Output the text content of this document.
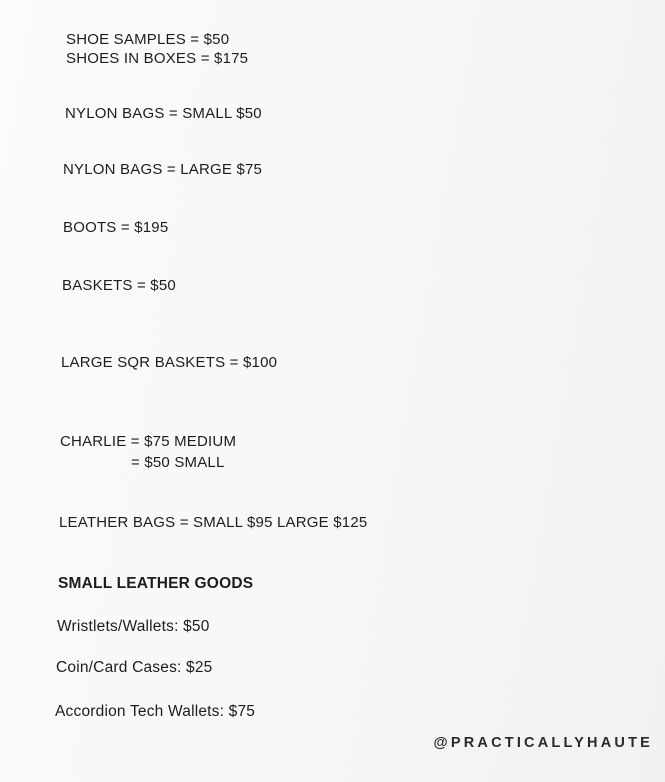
SHOE SAMPLES = $50
SHOES IN BOXES = $175
NYLON BAGS = SMALL $50
NYLON BAGS = LARGE $75
BOOTS = $195
BASKETS = $50
LARGE SQR BASKETS = $100
CHARLIE = $75 MEDIUM
= $50 SMALL
LEATHER BAGS = SMALL $95 LARGE $125
SMALL LEATHER GOODS
Wristlets/Wallets: $50
Coin/Card Cases: $25
Accordion Tech Wallets: $75
@PRACTICALLYHAUTE
